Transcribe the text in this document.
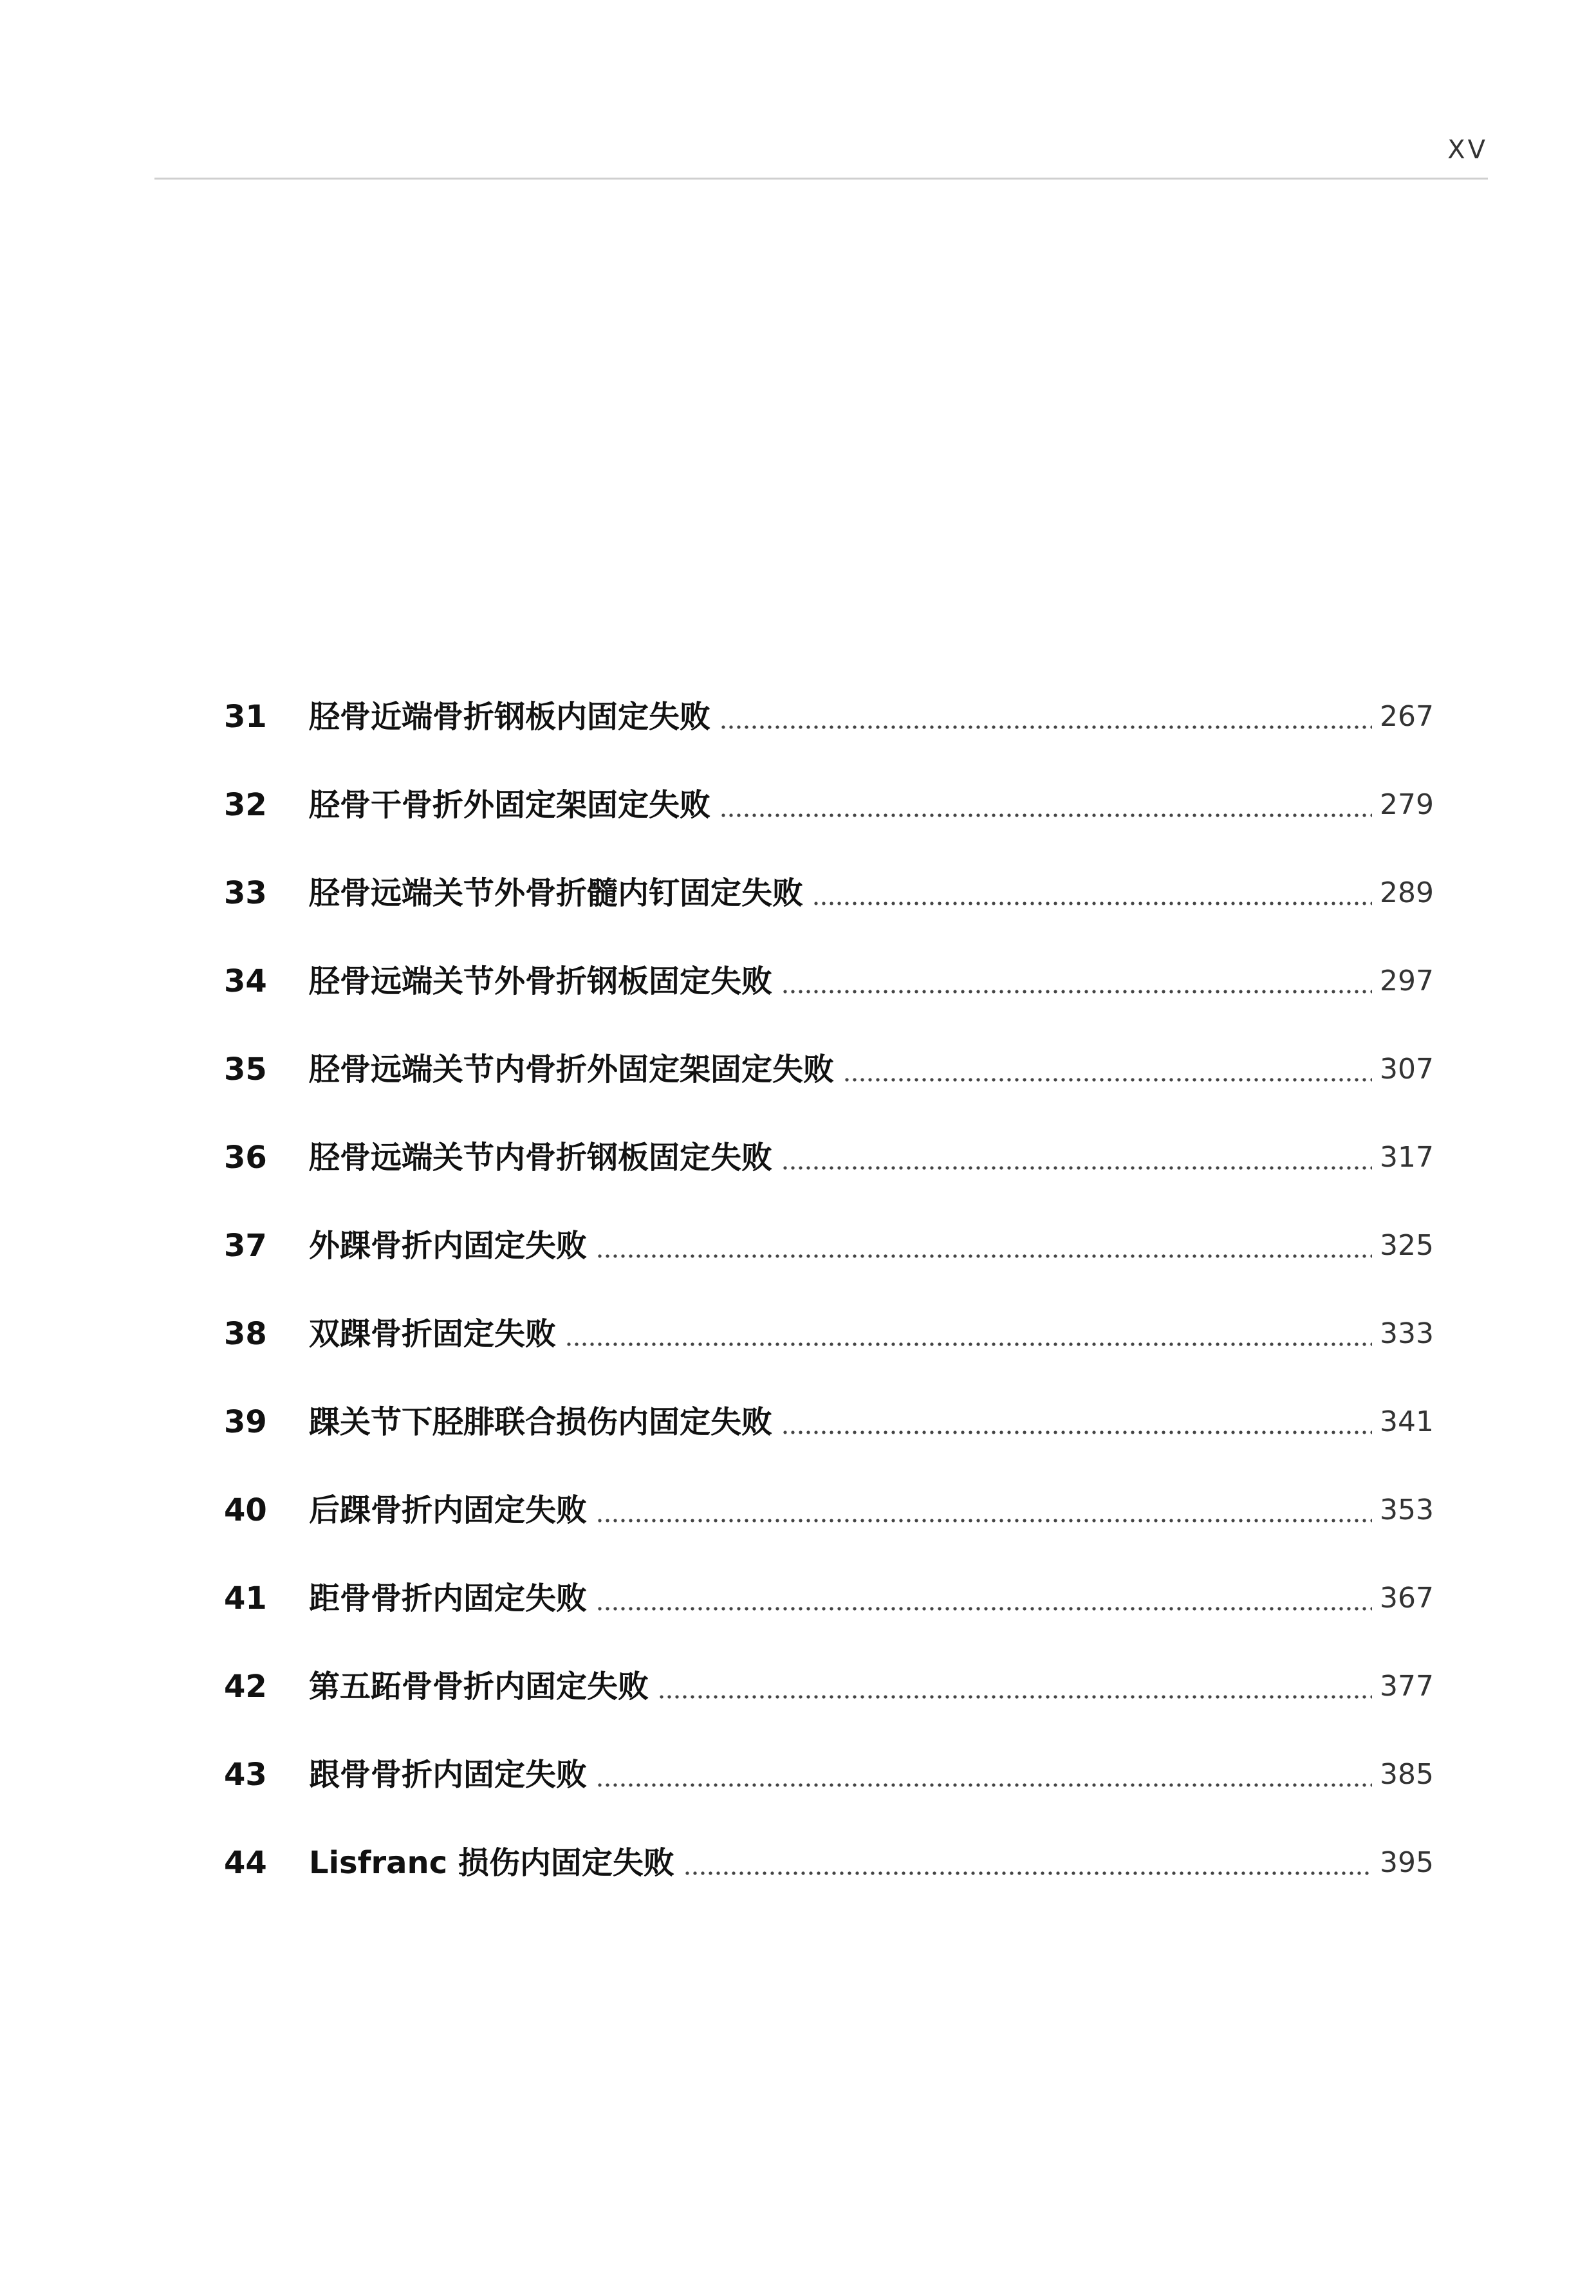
XV
31	胫骨近端骨折钢板内固定失败	267
32	胫骨干骨折外固定架固定失败	279
33	胫骨远端关节外骨折髓内钉固定失败	289
34	胫骨远端关节外骨折钢板固定失败	297
35	胫骨远端关节内骨折外固定架固定失败	307
36	胫骨远端关节内骨折钢板固定失败	317
37	外踝骨折内固定失败	325
38	双踝骨折固定失败	333
39	踝关节下胫腓联合损伤内固定失败	341
40	后踝骨折内固定失败	353
41	距骨骨折内固定失败	367
42	第五跖骨骨折内固定失败	377
43	跟骨骨折内固定失败	385
44	Lisfranc 损伤内固定失败	395
